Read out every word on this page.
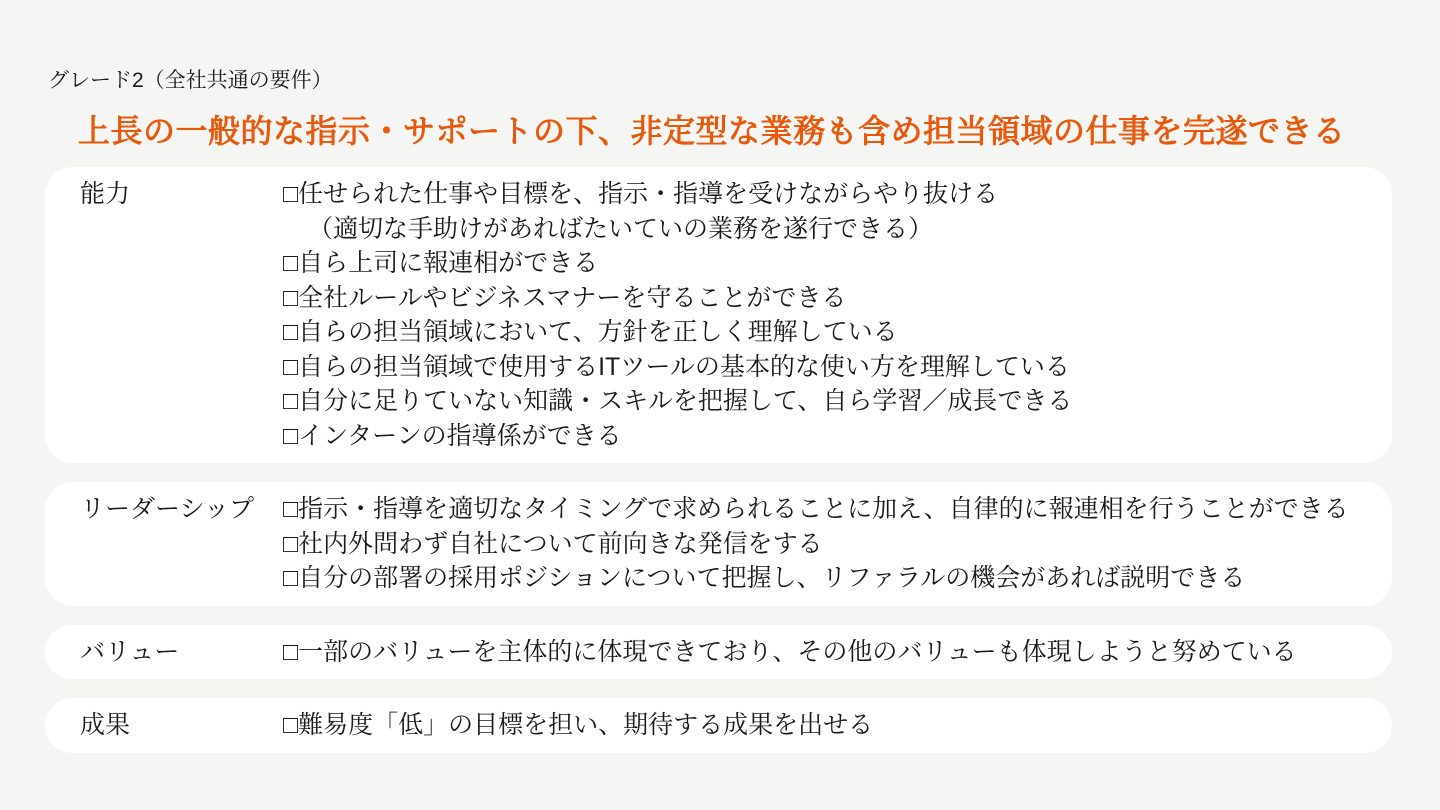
グレード2（全社共通の要件）
上長の一般的な指示・サポートの下、非定型な業務も含め担当領域の仕事を完遂できる
能力	□任せられた仕事や目標を、指示・指導を受けながらやり抜ける
（適切な手助けがあればたいていの業務を遂行できる）
□自ら上司に報連相ができる
□全社ルールやビジネスマナーを守ることができる
□自らの担当領域において、方針を正しく理解している
□自らの担当領域で使用するITツールの基本的な使い方を理解している
□自分に足りていない知識・スキルを把握して、自ら学習／成長できる
□インターンの指導係ができる
リーダーシップ	□指示・指導を適切なタイミングで求められることに加え、自律的に報連相を行うことができる
□社内外問わず自社について前向きな発信をする
□自分の部署の採用ポジションについて把握し、リファラルの機会があれば説明できる
バリュー	□一部のバリューを主体的に体現できており、その他のバリューも体現しようと努めている
成果	□難易度「低」の目標を担い、期待する成果を出せる
